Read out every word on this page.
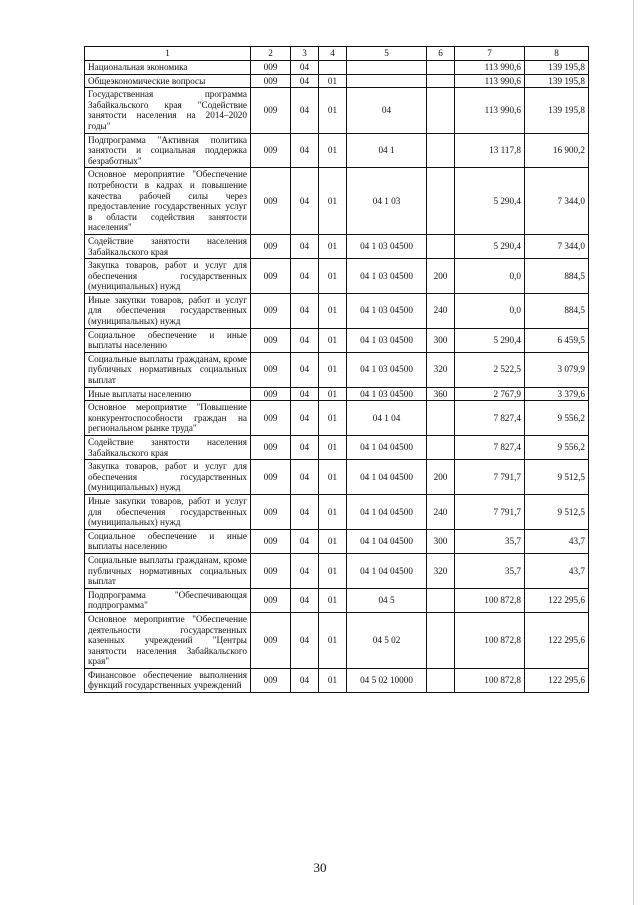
1	2	3	4	5	6	7	8
Национальная экономика	009	04				113 990,6	139 195,8
Общеэкономические вопросы	009	04	01			113 990,6	139 195,8
Государственная программа Забайкальского края "Содействие занятости населения на 2014–2020 годы"	009	04	01	04		113 990,6	139 195,8
Подпрограмма "Активная политика занятости и социальная поддержка безработных"	009	04	01	04 1		13 117,8	16 900,2
Основное мероприятие "Обеспечение потребности в кадрах и повышение качества рабочей силы через предоставление государственных услуг в области содействия занятости населения"	009	04	01	04 1 03		5 290,4	7 344,0
Содействие занятости населения Забайкальского края	009	04	01	04 1 03 04500		5 290,4	7 344,0
Закупка товаров, работ и услуг для обеспечения государственных (муниципальных) нужд	009	04	01	04 1 03 04500	200	0,0	884,5
Иные закупки товаров, работ и услуг для обеспечения государственных (муниципальных) нужд	009	04	01	04 1 03 04500	240	0,0	884,5
Социальное обеспечение и иные выплаты населению	009	04	01	04 1 03 04500	300	5 290,4	6 459,5
Социальные выплаты гражданам, кроме публичных нормативных социальных выплат	009	04	01	04 1 03 04500	320	2 522,5	3 079,9
Иные выплаты населению	009	04	01	04 1 03 04500	360	2 767,9	3 379,6
Основное мероприятие "Повышение конкурентоспособности граждан на региональном рынке труда"	009	04	01	04 1 04		7 827,4	9 556,2
Содействие занятости населения Забайкальского края	009	04	01	04 1 04 04500		7 827,4	9 556,2
Закупка товаров, работ и услуг для обеспечения государственных (муниципальных) нужд	009	04	01	04 1 04 04500	200	7 791,7	9 512,5
Иные закупки товаров, работ и услуг для обеспечения государственных (муниципальных) нужд	009	04	01	04 1 04 04500	240	7 791,7	9 512,5
Социальное обеспечение и иные выплаты населению	009	04	01	04 1 04 04500	300	35,7	43,7
Социальные выплаты гражданам, кроме публичных нормативных социальных выплат	009	04	01	04 1 04 04500	320	35,7	43,7
Подпрограмма "Обеспечивающая подпрограмма"	009	04	01	04 5		100 872,8	122 295,6
Основное мероприятие "Обеспечение деятельности государственных казенных учреждений "Центры занятости населения Забайкальского края"	009	04	01	04 5 02		100 872,8	122 295,6
Финансовое обеспечение выполнения функций государственных учреждений	009	04	01	04 5 02 10000		100 872,8	122 295,6
30
